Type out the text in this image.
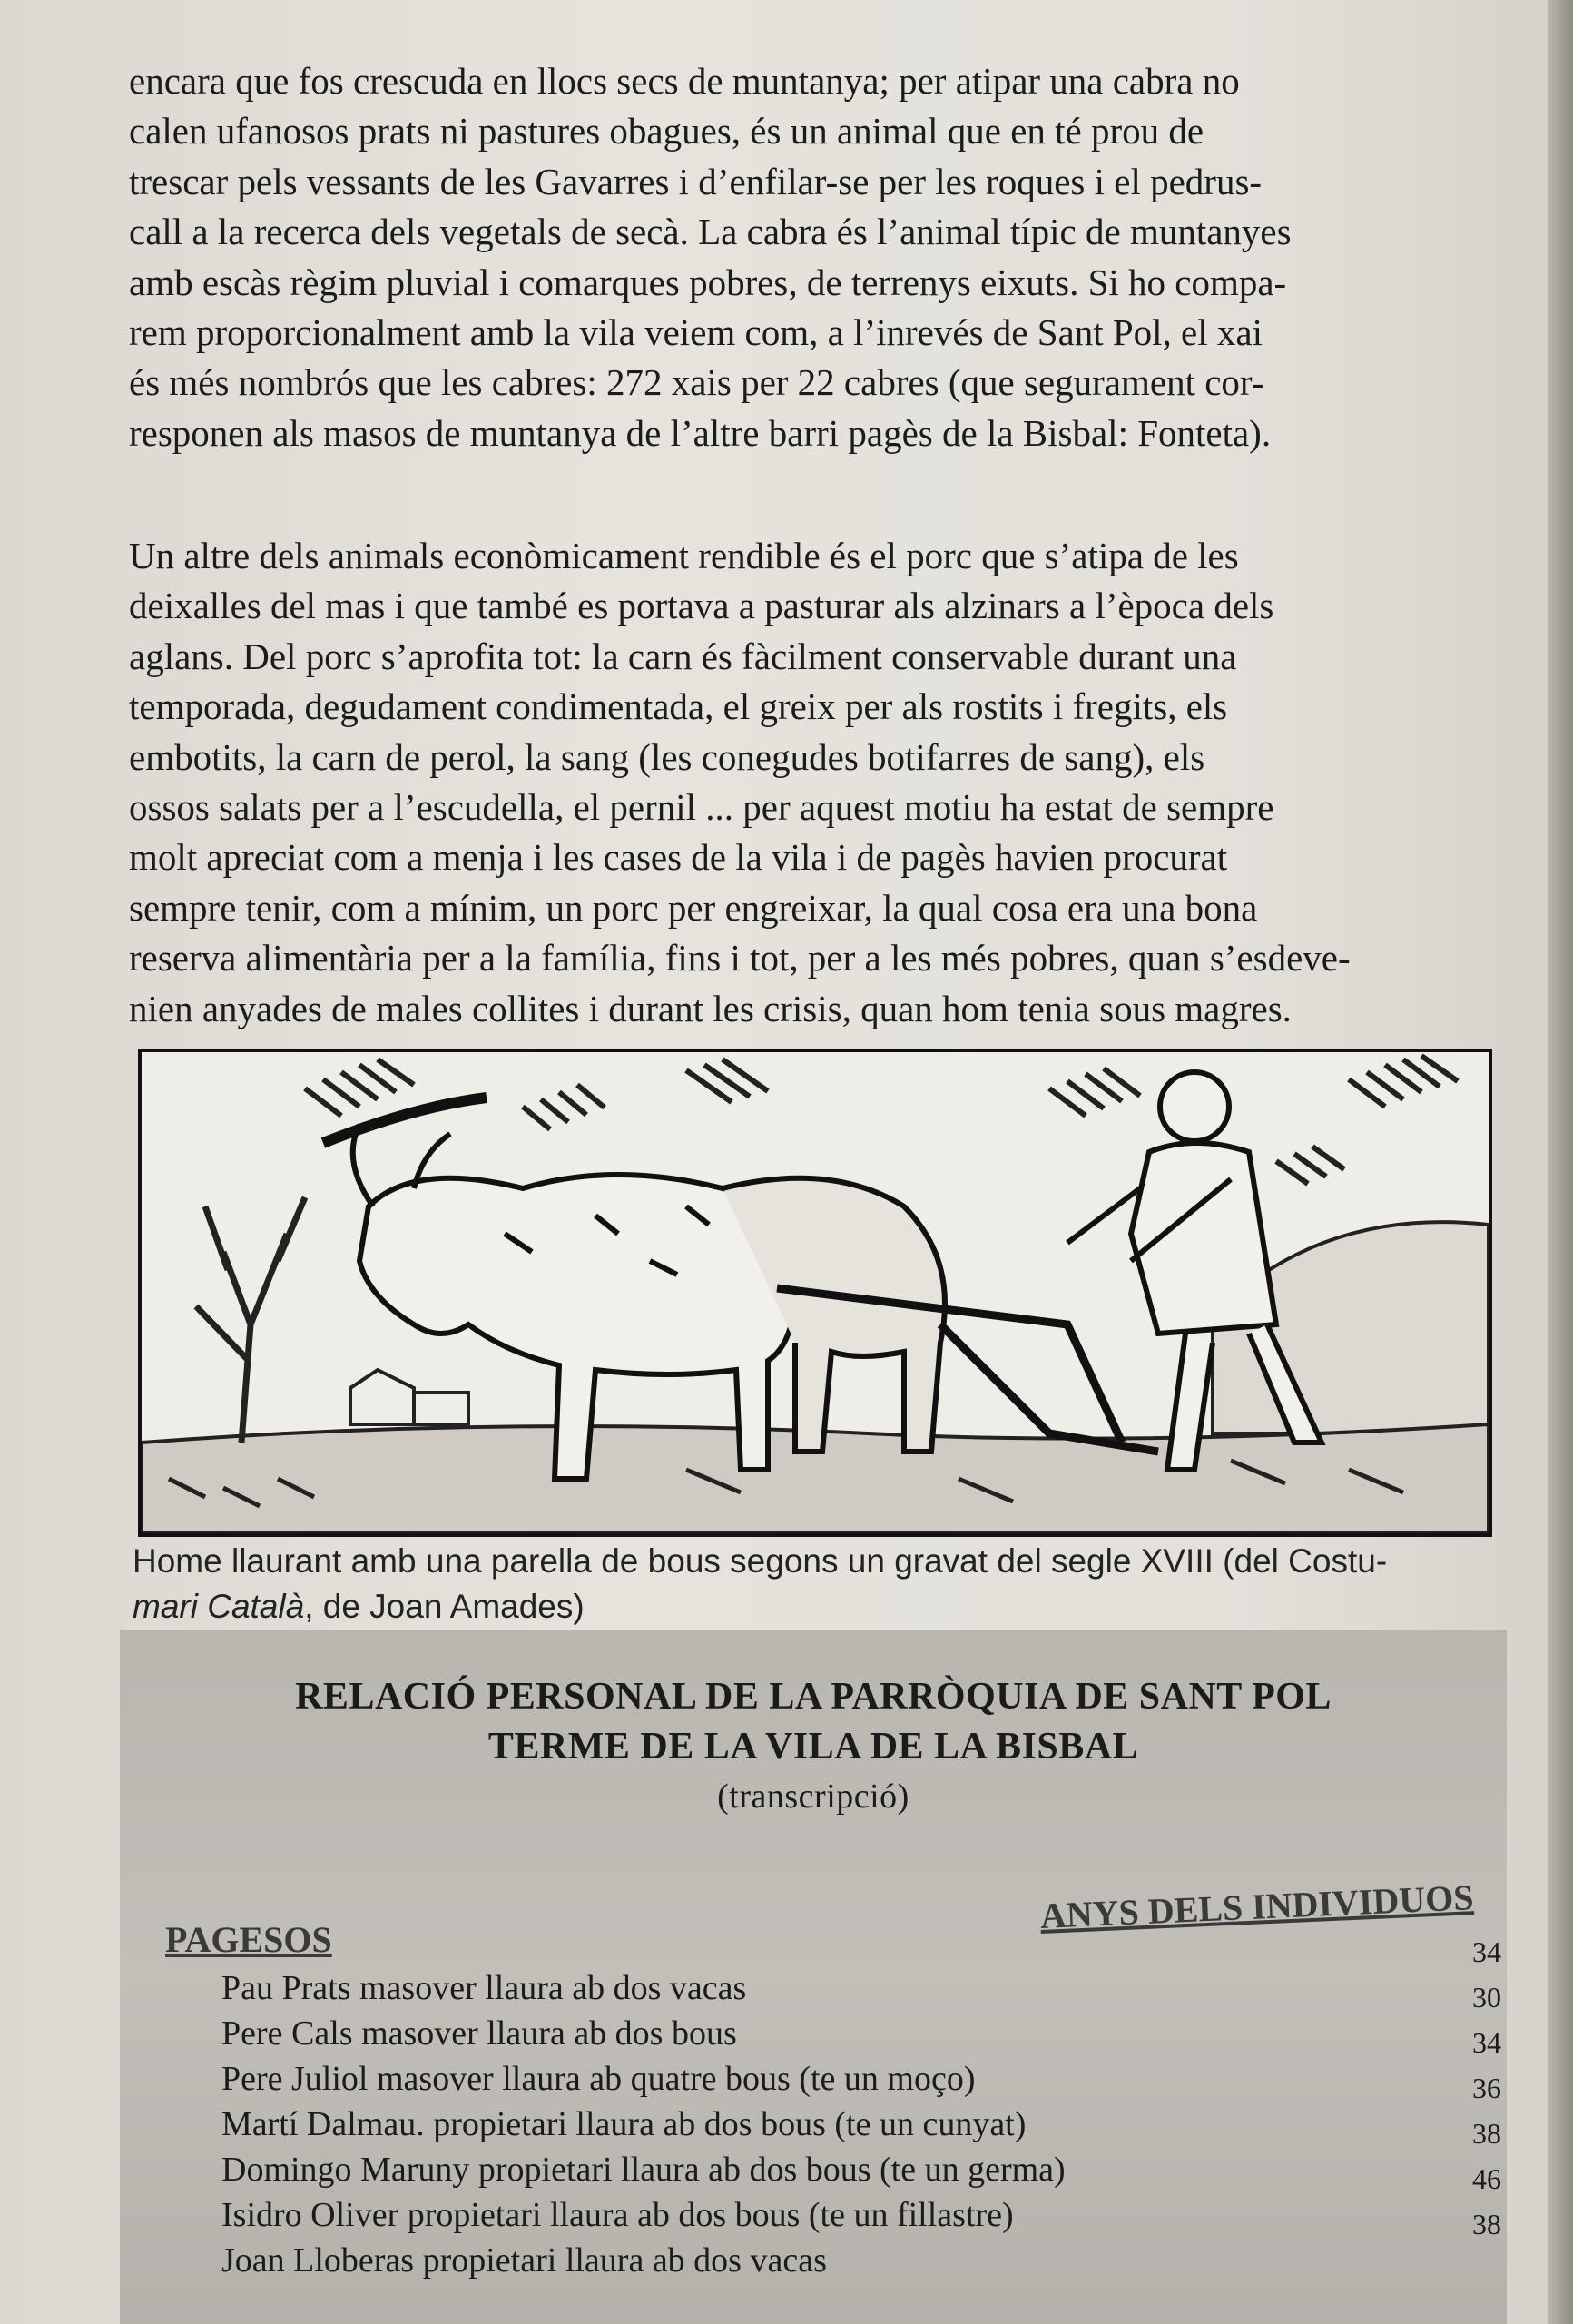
encara que fos crescuda en llocs secs de muntanya; per atipar una cabra no
calen ufanosos prats ni pastures obagues, és un animal que en té prou de
trescar pels vessants de les Gavarres i d’enfilar-se per les roques i el pedrus-
call a la recerca dels vegetals de secà. La cabra és l’animal típic de muntanyes
amb escàs règim pluvial i comarques pobres, de terrenys eixuts. Si ho compa-
rem proporcionalment amb la vila veiem com, a l’inrevés de Sant Pol, el xai
és més nombrós que les cabres: 272 xais per 22 cabres (que segurament cor-
responen als masos de muntanya de l’altre barri pagès de la Bisbal: Fonteta).

Un altre dels animals econòmicament rendible és el porc que s’atipa de les
deixalles del mas i que també es portava a pasturar als alzinars a l’època dels
aglans. Del porc s’aprofita tot: la carn és fàcilment conservable durant una
temporada, degudament condimentada, el greix per als rostits i fregits, els
embotits, la carn de perol, la sang (les conegudes botifarres de sang), els
ossos salats per a l’escudella, el pernil ... per aquest motiu ha estat de sempre
molt apreciat com a menja i les cases de la vila i de pagès havien procurat
sempre tenir, com a mínim, un porc per engreixar, la qual cosa era una bona
reserva alimentària per a la família, fins i tot, per a les més pobres, quan s’esdeve-
nien anyades de males collites i durant les crisis, quan hom tenia sous magres.

Home llaurant amb una parella de bous segons un gravat del segle XVIII (del Costu-
mari Català, de Joan Amades)
RELACIÓ PERSONAL DE LA PARRÒQUIA DE SANT POL
TERME DE LA VILA DE LA BISBAL
(transcripció)
PAGESOS
ANYS DELS INDIVIDUOS
Pau Prats masover llaura ab dos vacas
34
Pere Cals masover llaura ab dos bous
30
Pere Juliol masover llaura ab quatre bous (te un moço)
34
Martí Dalmau. propietari llaura ab dos bous (te un cunyat)
36
Domingo Maruny propietari llaura ab dos bous (te un germa)
38
Isidro Oliver propietari llaura ab dos bous (te un fillastre)
46
Joan Lloberas propietari llaura ab dos vacas
38
